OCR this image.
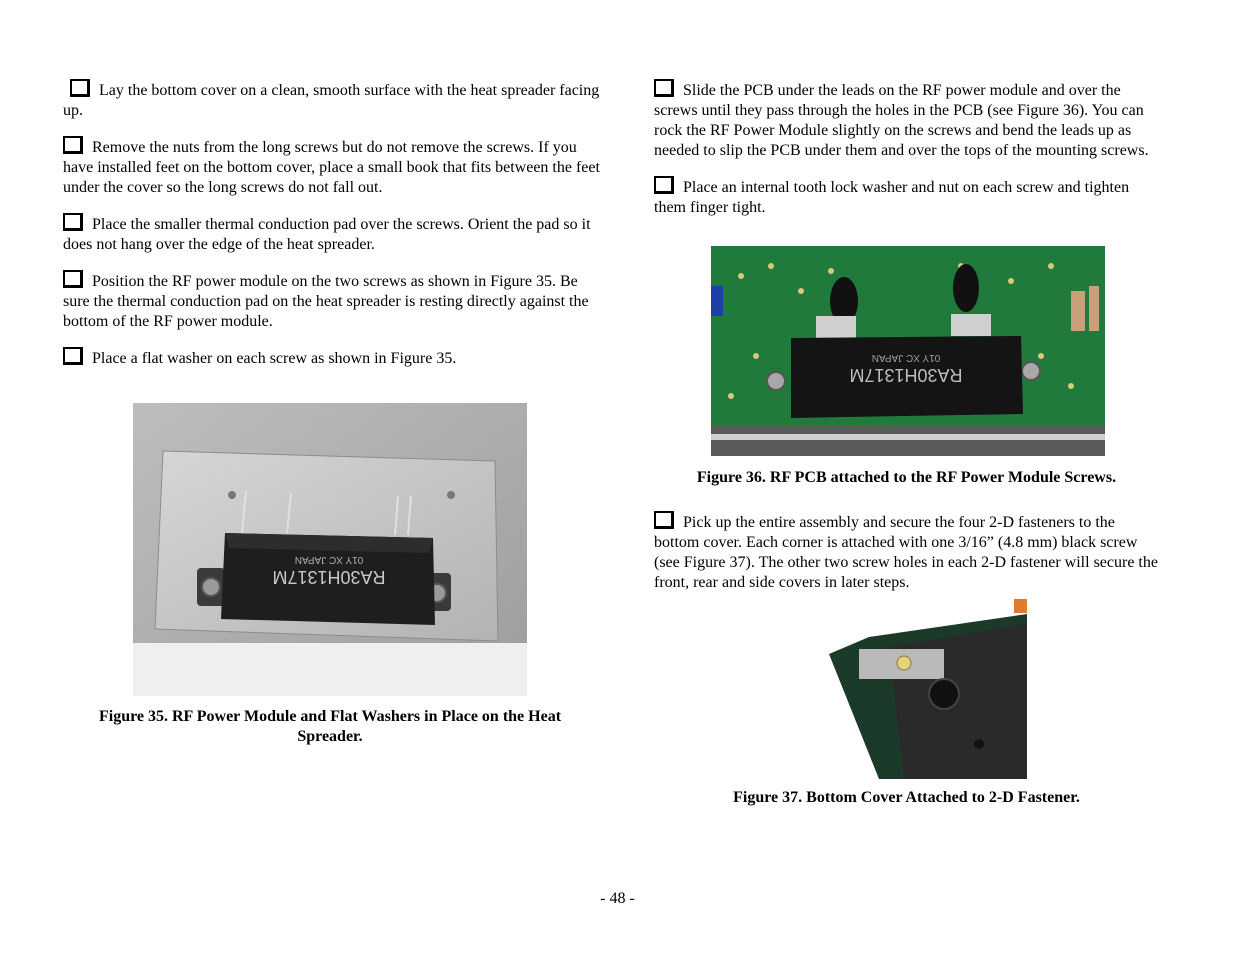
Lay the bottom cover on a clean, smooth surface with the heat spreader facing up.

Remove the nuts from the long screws but do not remove the screws. If you have installed feet on the bottom cover, place a small book that fits between the feet under the cover so the long screws do not fall out.

Place the smaller thermal conduction pad over the screws. Orient the pad so it does not hang over the edge of the heat spreader.

Position the RF power module on the two screws as shown in Figure 35. Be sure the thermal conduction pad on the heat spreader is resting directly against the bottom of the RF power module.

Place a flat washer on each screw as shown in Figure 35.

RA30H1317M
01Y XC JAPAN

Figure 35. RF Power Module and Flat Washers in Place on the Heat Spreader.

Slide the PCB under the leads on the RF power module and over the screws until they pass through the holes in the PCB (see Figure 36). You can rock the RF Power Module slightly on the screws and bend the leads up as needed to slip the PCB under them and over the tops of the mounting screws.

Place an internal tooth lock washer and nut on each screw and tighten them finger tight.

RA30H1317M
01Y XC JAPAN

Figure 36. RF PCB attached to the RF Power Module Screws.

Pick up the entire assembly and secure the four 2-D fasteners to the bottom cover. Each corner is attached with one 3/16” (4.8 mm) black screw (see Figure 37). The other two screw holes in each 2-D fastener will secure the front, rear and side covers in later steps.

Figure 37. Bottom Cover Attached to 2-D Fastener.

- 48 -
